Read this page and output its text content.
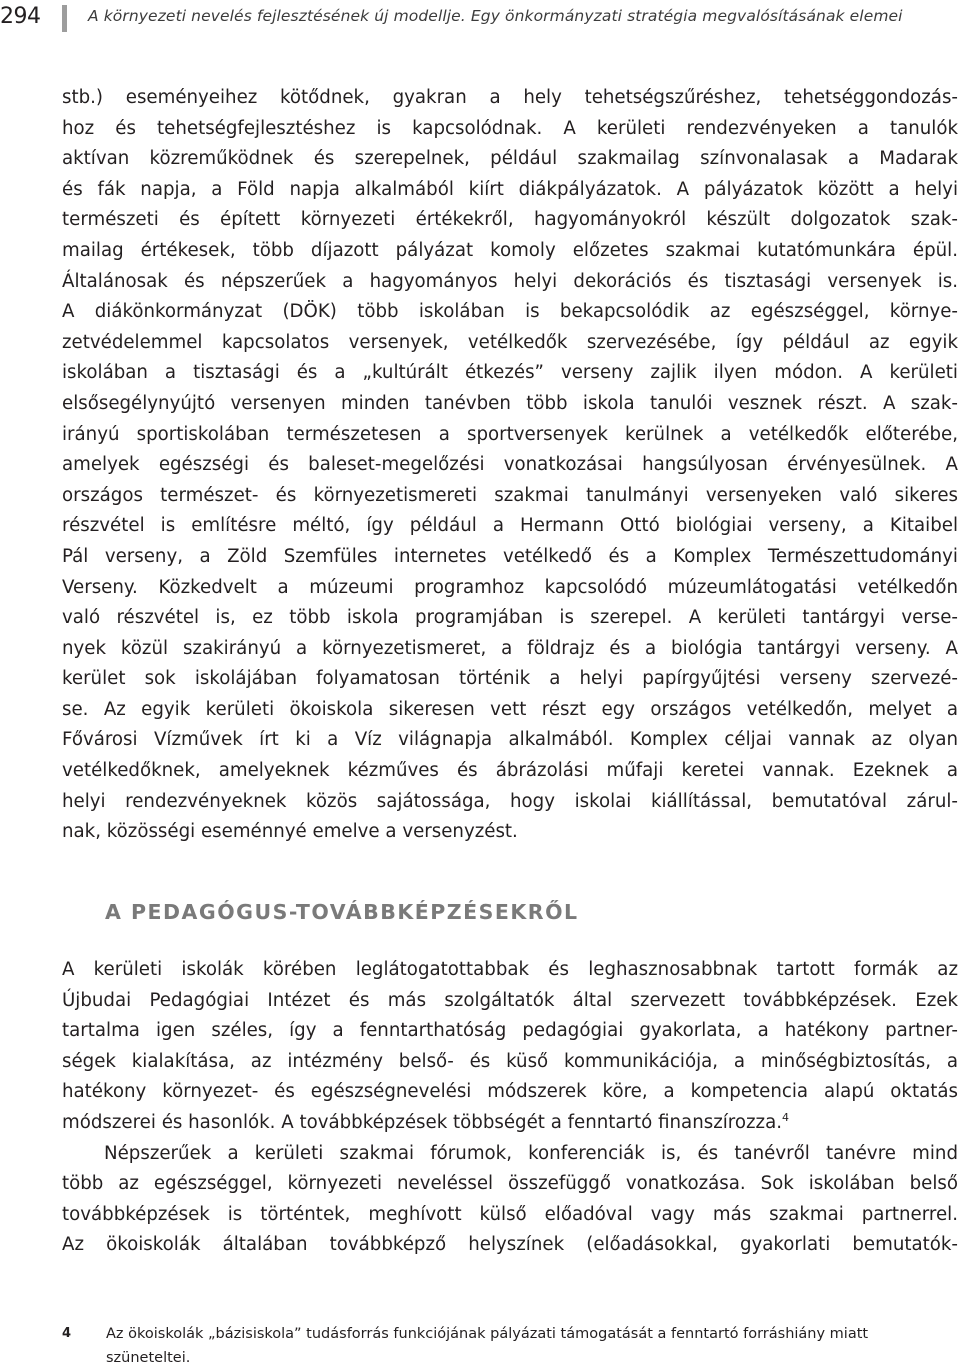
294	A környezeti nevelés fejlesztésének új modellje. Egy önkormányzati stratégia megvalósításának elemei
stb.) eseményeihez kötődnek, gyakran a hely tehetségszűréshez, tehetséggondozás-
hoz és tehetségfejlesztéshez is kapcsolódnak. A kerületi rendezvényeken a tanulók
aktívan közreműködnek és szerepelnek, például szakmailag színvonalasak a Madarak
és fák napja, a Föld napja alkalmából kiírt diákpályázatok. A pályázatok között a helyi
természeti és épített környezeti értékekről, hagyományokról készült dolgozatok szak-
mailag értékesek, több díjazott pályázat komoly előzetes szakmai kutatómunkára épül.
Általánosak és népszerűek a hagyományos helyi dekorációs és tisztasági versenyek is.
A diákönkormányzat (DÖK) több iskolában is bekapcsolódik az egészséggel, környe-
zetvédelemmel kapcsolatos versenyek, vetélkedők szervezésébe, így például az egyik
iskolában a tisztasági és a „kultúrált étkezés” verseny zajlik ilyen módon. A kerületi
elsősegélynyújtó versenyen minden tanévben több iskola tanulói vesznek részt. A szak-
irányú sportiskolában természetesen a sportversenyek kerülnek a vetélkedők előterébe,
amelyek egészségi és baleset-megelőzési vonatkozásai hangsúlyosan érvényesülnek. A
országos természet- és környezetismereti szakmai tanulmányi versenyeken való sikeres
részvétel is említésre méltó, így például a Hermann Ottó biológiai verseny, a Kitaibel
Pál verseny, a Zöld Szemfüles internetes vetélkedő és a Komplex Természettudományi
Verseny. Közkedvelt a múzeumi programhoz kapcsolódó múzeumlátogatási vetélkedőn
való részvétel is, ez több iskola programjában is szerepel. A kerületi tantárgyi verse-
nyek közül szakirányú a környezetismeret, a földrajz és a biológia tantárgyi verseny. A
kerület sok iskolájában folyamatosan történik a helyi papírgyűjtési verseny szervezé-
se. Az egyik kerületi ökoiskola sikeresen vett részt egy országos vetélkedőn, melyet a
Fővárosi Vízművek írt ki a Víz világnapja alkalmából. Komplex céljai vannak az olyan
vetélkedőknek, amelyeknek kézműves és ábrázolási műfaji keretei vannak. Ezeknek a
helyi rendezvényeknek közös sajátossága, hogy iskolai kiállítással, bemutatóval zárul-
nak, közösségi eseménnyé emelve a versenyzést.
A PEDAGÓGUS-TOVÁBBKÉPZÉSEKRŐL
A kerületi iskolák körében leglátogatottabbak és leghasznosabbnak tartott formák az
Újbudai Pedagógiai Intézet és más szolgáltatók által szervezett továbbképzések. Ezek
tartalma igen széles, így a fenntarthatóság pedagógiai gyakorlata, a hatékony partner-
ségek kialakítása, az intézmény belső- és küső kommunikációja, a minőségbiztosítás, a
hatékony környezet- és egészségnevelési módszerek köre, a kompetencia alapú oktatás
módszerei és hasonlók. A továbbképzések többségét a fenntartó finanszírozza.$^4$
Népszerűek a kerületi szakmai fórumok, konferenciák is, és tanévről tanévre mind
több az egészséggel, környezeti neveléssel összefüggő vonatkozása. Sok iskolában belső
továbbképzések is történtek, meghívott külső előadóval vagy más szakmai partnerrel.
Az ökoiskolák általában továbbképző helyszínek (előadásokkal, gyakorlati bemutatók-
4	Az ökoiskolák „bázisiskola” tudásforrás funkciójának pályázati támogatását a fenntartó forráshiány miatt
szüneteltei.
